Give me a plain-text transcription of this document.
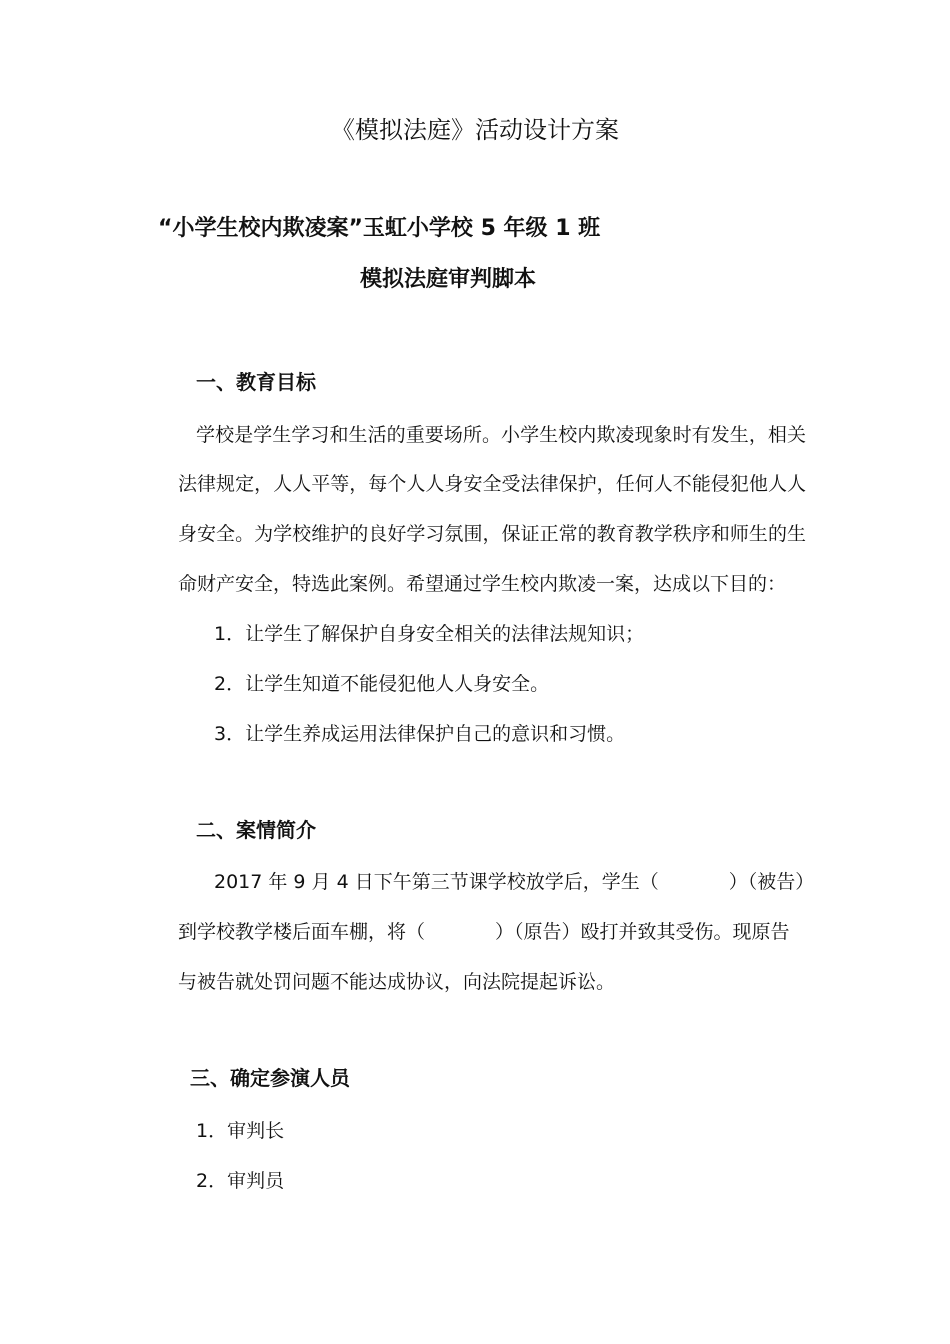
《模拟法庭》活动设计方案
“小学生校内欺凌案”玉虹小学校 5 年级 1 班
模拟法庭审判脚本
一、教育目标
学校是学生学习和生活的重要场所。小学生校内欺凌现象时有发生，相关
法律规定，人人平等，每个人人身安全受法律保护，任何人不能侵犯他人人
身安全。为学校维护的良好学习氛围，保证正常的教育教学秩序和师生的生
命财产安全，特选此案例。希望通过学生校内欺凌一案，达成以下目的：
1．让学生了解保护自身安全相关的法律法规知识；
2．让学生知道不能侵犯他人人身安全。
3．让学生养成运用法律保护自己的意识和习惯。
二、案情简介
2017 年 9 月 4 日下午第三节课学校放学后，学生（	）（被告）
到学校教学楼后面车棚，将（	）（原告）殴打并致其受伤。现原告
与被告就处罚问题不能达成协议，向法院提起诉讼。
三、确定参演人员
1．审判长
2．审判员
